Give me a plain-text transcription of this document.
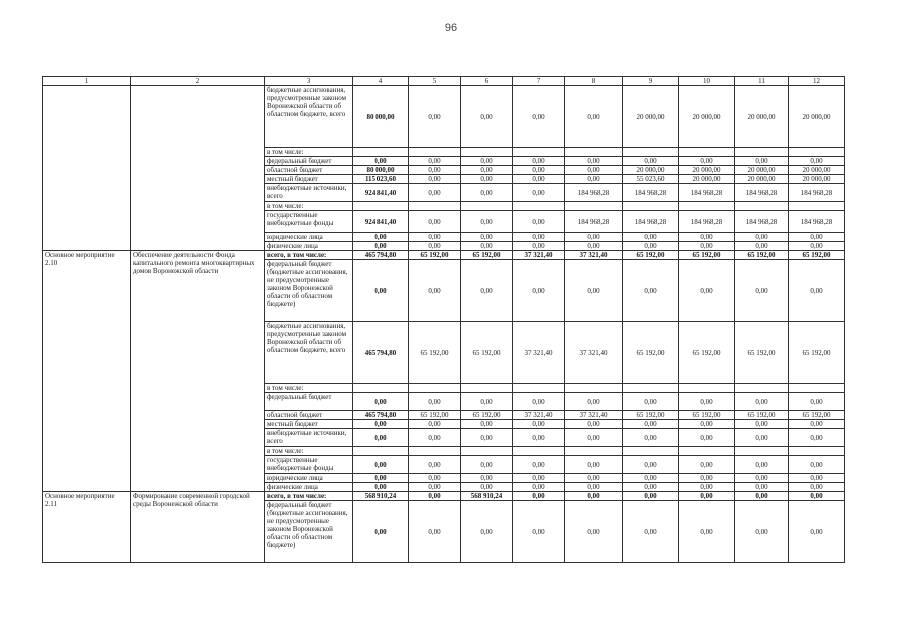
96
1	2	3	4	5	6	7	8	9	10	11	12
		бюджетные ассигнования, предусмотренные законом Воронежской области об областном бюджете, всего	80 000,00	0,00	0,00	0,00	0,00	20 000,00	20 000,00	20 000,00	20 000,00
		в том числе:									
		федеральный бюджет	0,00	0,00	0,00	0,00	0,00	0,00	0,00	0,00	0,00
		областной бюджет	80 000,00	0,00	0,00	0,00	0,00	20 000,00	20 000,00	20 000,00	20 000,00
		местный бюджет	115 023,60	0,00	0,00	0,00	0,00	55 023,60	20 000,00	20 000,00	20 000,00
		внебюджетные источники, всего	924 841,40	0,00	0,00	0,00	184 968,28	184 968,28	184 968,28	184 968,28	184 968,28
		в том числе:									
		государственные внебюджетные фонды	924 841,40	0,00	0,00	0,00	184 968,28	184 968,28	184 968,28	184 968,28	184 968,28
		юридические лица	0,00	0,00	0,00	0,00	0,00	0,00	0,00	0,00	0,00
		физические лица	0,00	0,00	0,00	0,00	0,00	0,00	0,00	0,00	0,00
Основное мероприятие 2.10	Обеспечение деятельности Фонда капитального ремонта многоквартирных домов Воронежской области	всего, в том числе:	465 794,80	65 192,00	65 192,00	37 321,40	37 321,40	65 192,00	65 192,00	65 192,00	65 192,00
		федеральный бюджет (бюджетные ассигнования, не предусмотренные законом Воронежской области об областном бюджете)	0,00	0,00	0,00	0,00	0,00	0,00	0,00	0,00	0,00
		бюджетные ассигнования, предусмотренные законом Воронежской области об областном бюджете, всего	465 794,80	65 192,00	65 192,00	37 321,40	37 321,40	65 192,00	65 192,00	65 192,00	65 192,00
		в том числе:									
		федеральный бюджет	0,00	0,00	0,00	0,00	0,00	0,00	0,00	0,00	0,00
		областной бюджет	465 794,80	65 192,00	65 192,00	37 321,40	37 321,40	65 192,00	65 192,00	65 192,00	65 192,00
		местный бюджет	0,00	0,00	0,00	0,00	0,00	0,00	0,00	0,00	0,00
		внебюджетные источники, всего	0,00	0,00	0,00	0,00	0,00	0,00	0,00	0,00	0,00
		в том числе:									
		государственные внебюджетные фонды	0,00	0,00	0,00	0,00	0,00	0,00	0,00	0,00	0,00
		юридические лица	0,00	0,00	0,00	0,00	0,00	0,00	0,00	0,00	0,00
		физические лица	0,00	0,00	0,00	0,00	0,00	0,00	0,00	0,00	0,00
Основное мероприятие 2.11	Формирование современной городской среды Воронежской области	всего, в том числе:	568 910,24	0,00	568 910,24	0,00	0,00	0,00	0,00	0,00	0,00
		федеральный бюджет (бюджетные ассигнования, не предусмотренные законом Воронежской области об областном бюджете)	0,00	0,00	0,00	0,00	0,00	0,00	0,00	0,00	0,00
